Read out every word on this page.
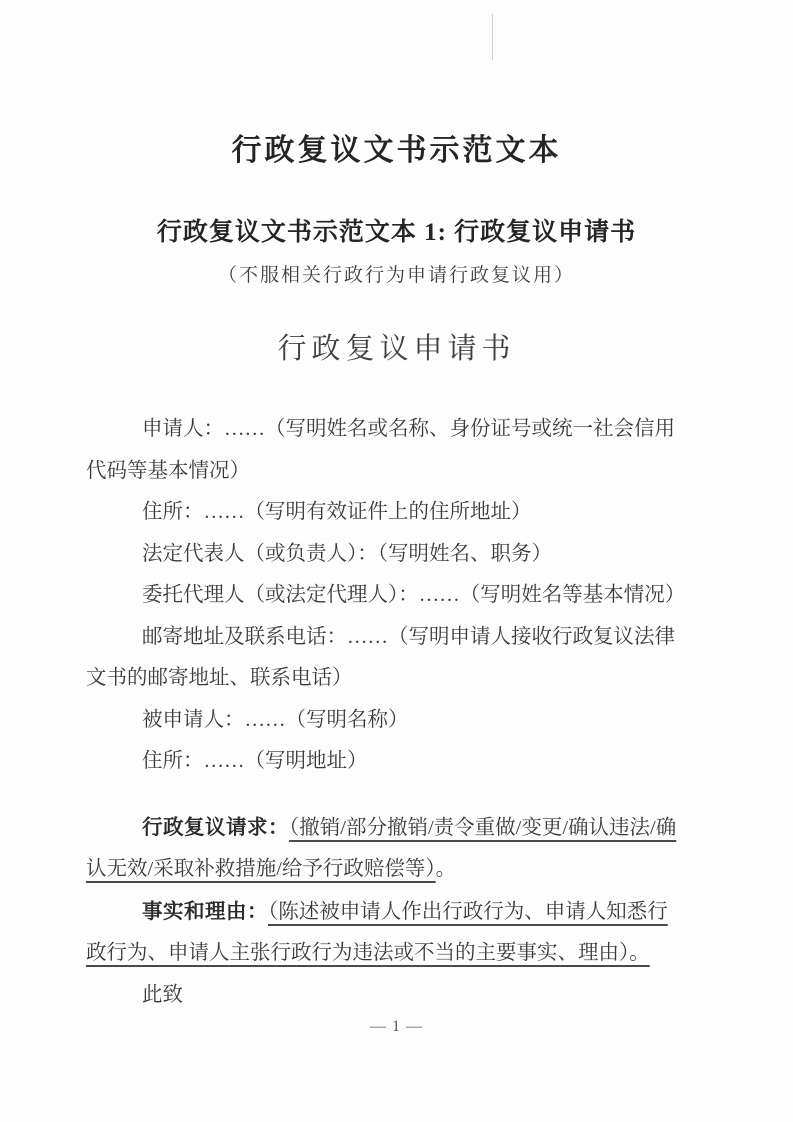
行政复议文书示范文本
行政复议文书示范文本 1: 行政复议申请书
（不服相关行政行为申请行政复议用）
行政复议申请书
申请人：……（写明姓名或名称、身份证号或统一社会信用
代码等基本情况）
住所：……（写明有效证件上的住所地址）
法定代表人（或负责人）：（写明姓名、职务）
委托代理人（或法定代理人）：……（写明姓名等基本情况）
邮寄地址及联系电话：……（写明申请人接收行政复议法律
文书的邮寄地址、联系电话）
被申请人：……（写明名称）
住所：……（写明地址）
行政复议请求：（撤销/部分撤销/责令重做/变更/确认违法/确
认无效/采取补救措施/给予行政赔偿等）。
事实和理由：（陈述被申请人作出行政行为、申请人知悉行
政行为、申请人主张行政行为违法或不当的主要事实、理由）。
此致
— 1 —
